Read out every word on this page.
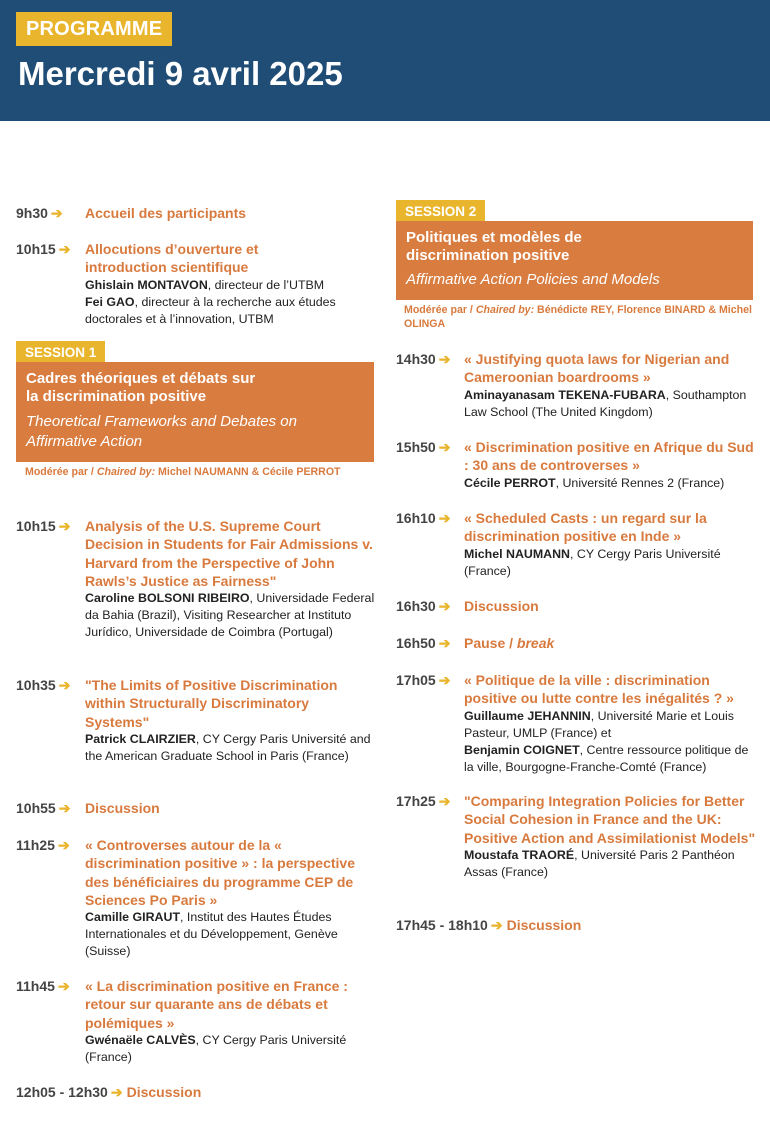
PROGRAMME
Mercredi 9 avril 2025
9h30 ➔ Accueil des participants
10h15 ➔ Allocutions d’ouverture et introduction scientifique
Ghislain MONTAVON, directeur de l’UTBM
Fei GAO, directeur à la recherche aux études doctorales et à l’innovation, UTBM
SESSION 1
Cadres théoriques et débats sur la discrimination positive
Theoretical Frameworks and Debates on Affirmative Action
Modérée par / Chaired by: Michel NAUMANN & Cécile PERROT
10h15 ➔ Analysis of the U.S. Supreme Court Decision in Students for Fair Admissions v. Harvard from the Perspective of John Rawls’s Justice as Fairness"
Caroline BOLSONI RIBEIRO, Universidade Federal da Bahia (Brazil), Visiting Researcher at Instituto Jurídico, Universidade de Coimbra (Portugal)
10h35 ➔ "The Limits of Positive Discrimination within Structurally Discriminatory Systems"
Patrick CLAIRZIER, CY Cergy Paris Université and the American Graduate School in Paris (France)
10h55 ➔ Discussion
11h25 ➔ « Controverses autour de la « discrimination positive » : la perspective des bénéficiaires du programme CEP de Sciences Po Paris »
Camille GIRAUT, Institut des Hautes Études Internationales et du Développement, Genève (Suisse)
11h45 ➔ « La discrimination positive en France : retour sur quarante ans de débats et polémiques »
Gwénaële CALVÈS, CY Cergy Paris Université (France)
12h05 - 12h30 ➔ Discussion
SESSION 2
Politiques et modèles de discrimination positive
Affirmative Action Policies and Models
Modérée par / Chaired by: Bénédicte REY, Florence BINARD & Michel OLINGA
14h30 ➔ « Justifying quota laws for Nigerian and Cameroonian boardrooms »
Aminayanasam TEKENA-FUBARA, Southampton Law School (The United Kingdom)
15h50 ➔ « Discrimination positive en Afrique du Sud : 30 ans de controverses »
Cécile PERROT, Université Rennes 2 (France)
16h10 ➔ « Scheduled Casts : un regard sur la discrimination positive en Inde »
Michel NAUMANN, CY Cergy Paris Université (France)
16h30 ➔ Discussion
16h50 ➔ Pause / break
17h05 ➔ « Politique de la ville : discrimination positive ou lutte contre les inégalités ? »
Guillaume JEHANNIN, Université Marie et Louis Pasteur, UMLP (France) et
Benjamin COIGNET, Centre ressource politique de la ville, Bourgogne-Franche-Comté (France)
17h25 ➔ "Comparing Integration Policies for Better Social Cohesion in France and the UK: Positive Action and Assimilationist Models"
Moustafa TRAORÉ, Université Paris 2 Panthéon Assas (France)
17h45 - 18h10 ➔ Discussion
